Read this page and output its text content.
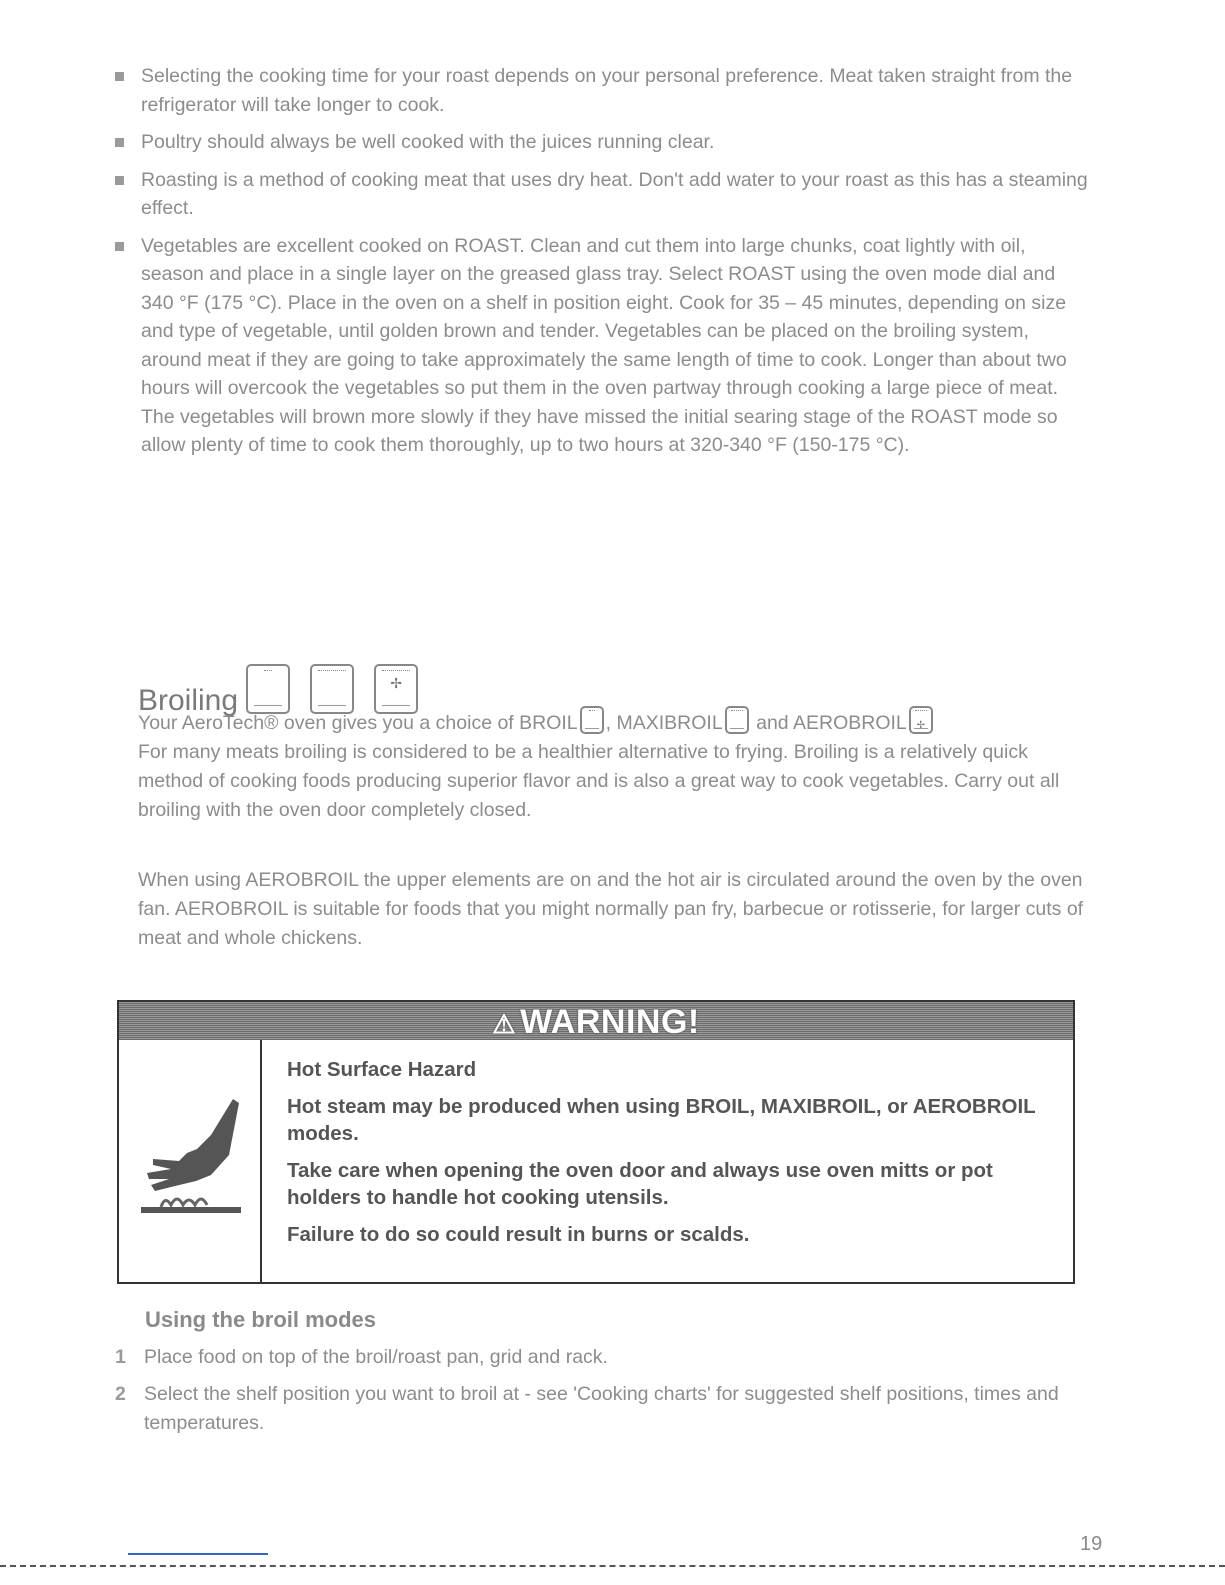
Selecting the cooking time for your roast depends on your personal preference. Meat taken straight from the refrigerator will take longer to cook.
Poultry should always be well cooked with the juices running clear.
Roasting is a method of cooking meat that uses dry heat. Don't add water to your roast as this has a steaming effect.
Vegetables are excellent cooked on ROAST. Clean and cut them into large chunks, coat lightly with oil, season and place in a single layer on the greased glass tray. Select ROAST using the oven mode dial and 340 °F (175 °C). Place in the oven on a shelf in position eight. Cook for 35 – 45 minutes, depending on size and type of vegetable, until golden brown and tender. Vegetables can be placed on the broiling system, around meat if they are going to take approximately the same length of time to cook. Longer than about two hours will overcook the vegetables so put them in the oven partway through cooking a large piece of meat. The vegetables will brown more slowly if they have missed the initial searing stage of the ROAST mode so allow plenty of time to cook them thoroughly, up to two hours at 320-340 °F (150-175 °C).
Broiling	✢

Your AeroTech® oven gives you a choice of BROIL , MAXIBROIL
and AEROBROIL ✢

For many meats broiling is considered to be a healthier alternative to frying. Broiling is a relatively quick method of cooking foods producing superior flavor and is also a great way to cook vegetables. Carry out all broiling with the oven door completely closed.

When using AEROBROIL the upper elements are on and the hot air is circulated around the oven by the oven fan. AEROBROIL is suitable for foods that you might normally pan fry, barbecue or rotisserie, for larger cuts of meat and whole chickens.

⚠ WARNING!

Hot Surface Hazard

Hot steam may be produced when using BROIL, MAXIBROIL, or AEROBROIL modes.

Take care when opening the oven door and always use oven mitts or pot holders to handle hot cooking utensils.

Failure to do so could result in burns or scalds.

Using the broil modes
1 Place food on top of the broil/roast pan, grid and rack.
2 Select the shelf position you want to broil at - see 'Cooking charts' for suggested shelf positions, times and temperatures.
19
